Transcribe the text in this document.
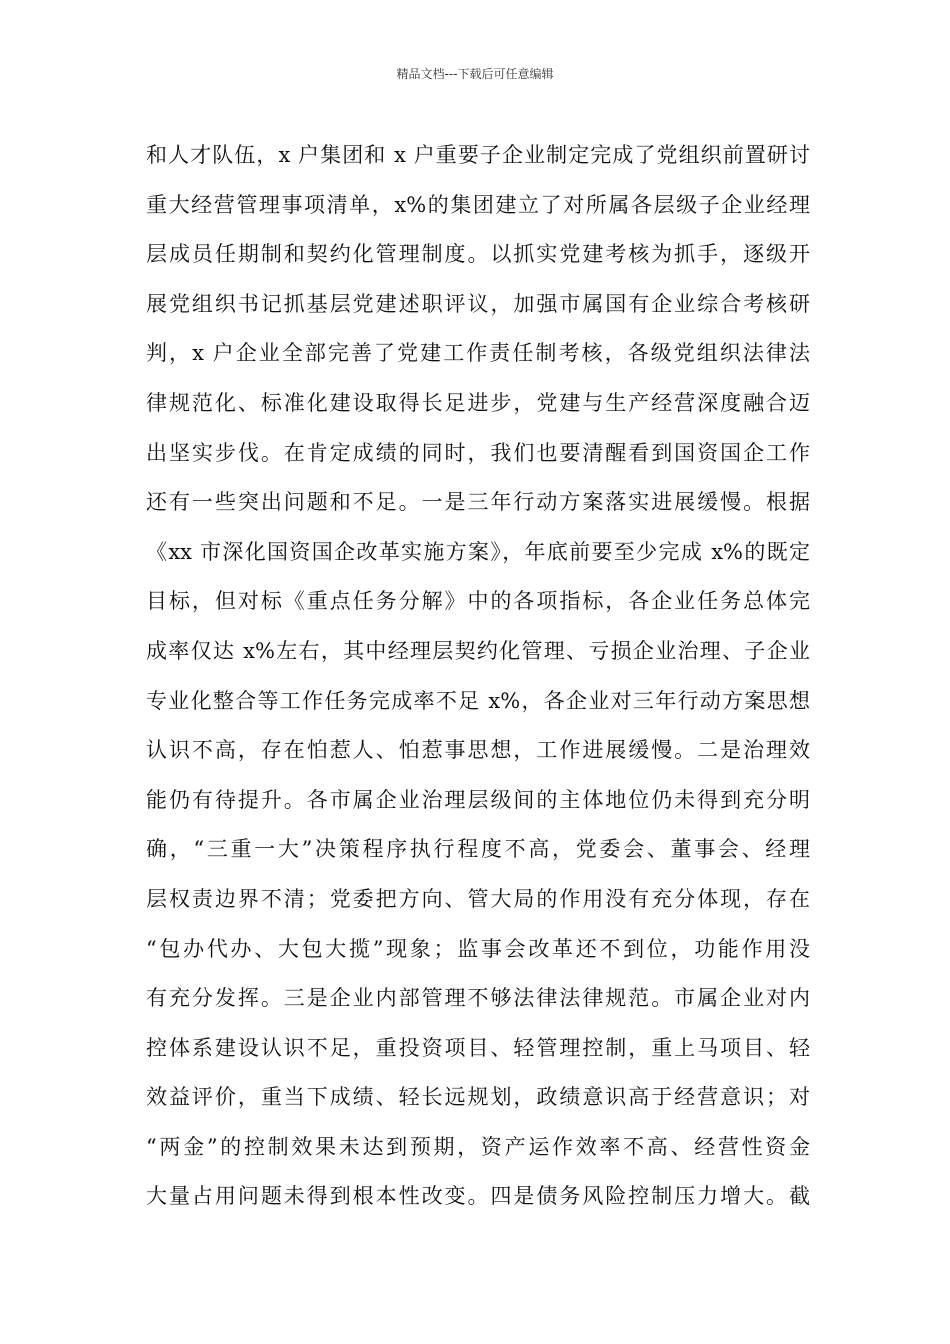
精品文档---下载后可任意编辑
和人才队伍，x 户集团和 x 户重要子企业制定完成了党组织前置研讨
重大经营管理事项清单，x%的集团建立了对所属各层级子企业经理
层成员任期制和契约化管理制度。以抓实党建考核为抓手，逐级开
展党组织书记抓基层党建述职评议，加强市属国有企业综合考核研
判，x 户企业全部完善了党建工作责任制考核，各级党组织法律法
律规范化、标准化建设取得长足进步，党建与生产经营深度融合迈
出坚实步伐。在肯定成绩的同时，我们也要清醒看到国资国企工作
还有一些突出问题和不足。一是三年行动方案落实进展缓慢。根据
《xx 市深化国资国企改革实施方案》，年底前要至少完成 x%的既定
目标，但对标《重点任务分解》中的各项指标，各企业任务总体完
成率仅达 x%左右，其中经理层契约化管理、亏损企业治理、子企业
专业化整合等工作任务完成率不足 x%，各企业对三年行动方案思想
认识不高，存在怕惹人、怕惹事思想，工作进展缓慢。二是治理效
能仍有待提升。各市属企业治理层级间的主体地位仍未得到充分明
确，“三重一大”决策程序执行程度不高，党委会、董事会、经理
层权责边界不清；党委把方向、管大局的作用没有充分体现，存在
“包办代办、大包大揽”现象；监事会改革还不到位，功能作用没
有充分发挥。三是企业内部管理不够法律法律规范。市属企业对内
控体系建设认识不足，重投资项目、轻管理控制，重上马项目、轻
效益评价，重当下成绩、轻长远规划，政绩意识高于经营意识；对
“两金”的控制效果未达到预期，资产运作效率不高、经营性资金
大量占用问题未得到根本性改变。四是债务风险控制压力增大。截
